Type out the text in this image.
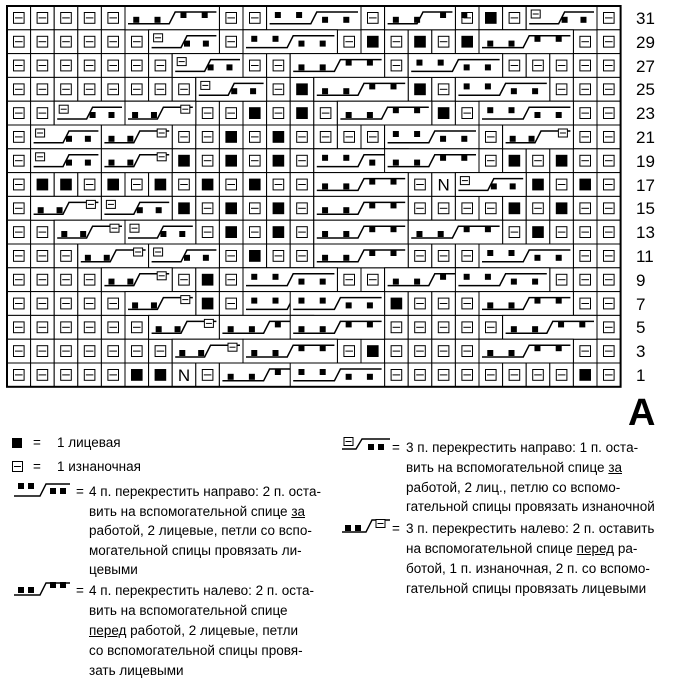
N
N
31
29
27
25
23
21
19
17
15
13
11
9
7
5
3
1
А
= 1 лицевая
= 1 изнаночная
= 4 п. перекрестить направо: 2 п. оста-
вить на вспомогательной спице за
работой, 2 лицевые, петли со вспо-
могательной спицы провязать ли-
цевыми
= 4 п. перекрестить налево: 2 п. оста-
вить на вспомогательной спице
перед работой, 2 лицевые, петли
со вспомогательной спицы провя-
зать лицевыми
= 3 п. перекрестить направо: 1 п. остa-
вить на вспомогательной спице за
работой, 2 лиц., петлю со вспомо-
гательной спицы провязать изнаночной
= 3 п. перекрестить налево: 2 п. оставить
на вспомогательной спице перед ра-
ботой, 1 п. изнаночная, 2 п. со вспомо-
гательной спицы провязать лицевыми
